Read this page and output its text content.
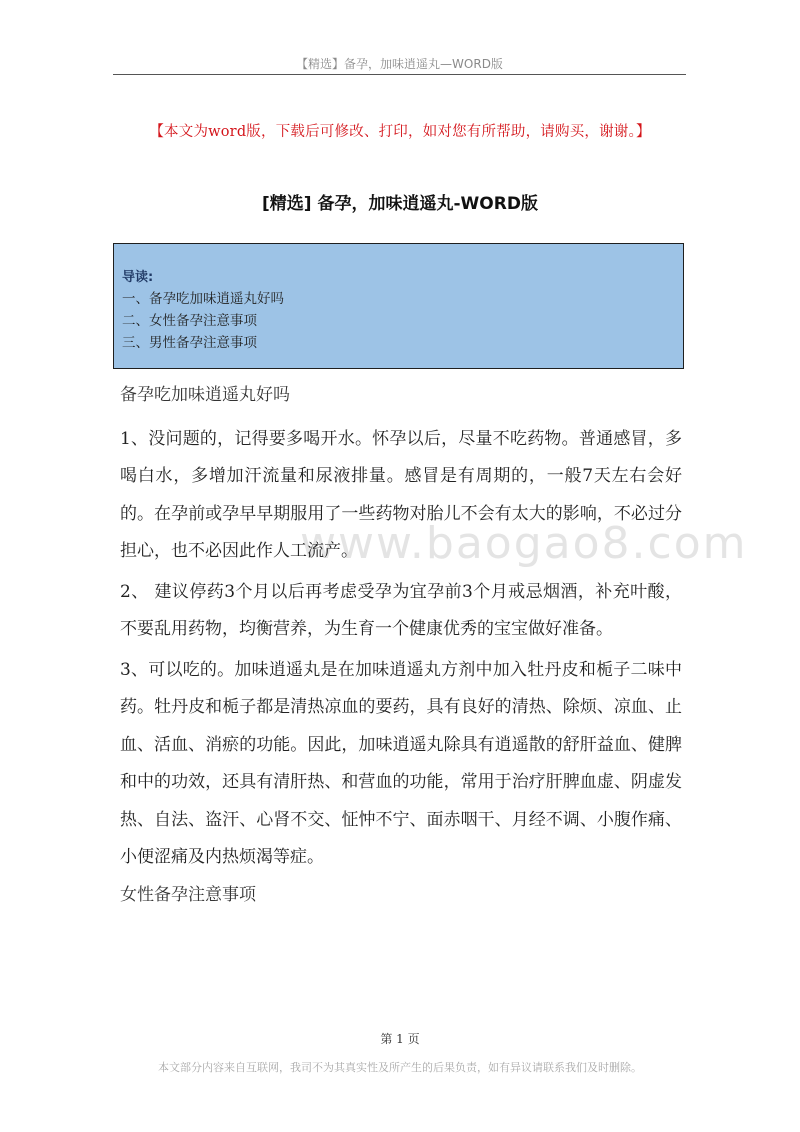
【精选】备孕，加味逍遥丸—WORD版
【本文为word版，下载后可修改、打印，如对您有所帮助，请购买，谢谢。】
[精选] 备孕，加味逍遥丸-WORD版
导读:
一、备孕吃加味逍遥丸好吗
二、女性备孕注意事项
三、男性备孕注意事项
www.baogao8.com

备孕吃加味逍遥丸好吗

1、没问题的，记得要多喝开水。怀孕以后，尽量不吃药物。普通感冒，多喝白水，多增加汗流量和尿液排量。感冒是有周期的，一般7天左右会好的。在孕前或孕早早期服用了一些药物对胎儿不会有太大的影响，不必过分担心，也不必因此作人工流产。

2、 建议停药3个月以后再考虑受孕为宜孕前3个月戒忌烟酒，补充叶酸，不要乱用药物，均衡营养，为生育一个健康优秀的宝宝做好准备。

3、可以吃的。加味逍遥丸是在加味逍遥丸方剂中加入牡丹皮和栀子二味中药。牡丹皮和栀子都是清热凉血的要药，具有良好的清热、除烦、凉血、止血、活血、消瘀的功能。因此，加味逍遥丸除具有逍遥散的舒肝益血、健脾和中的功效，还具有清肝热、和营血的功能，常用于治疗肝脾血虚、阴虚发热、自法、盗汗、心肾不交、怔忡不宁、面赤咽干、月经不调、小腹作痛、小便涩痛及内热烦渴等症。

女性备孕注意事项

第 1 页
本文部分内容来自互联网，我司不为其真实性及所产生的后果负责，如有异议请联系我们及时删除。
